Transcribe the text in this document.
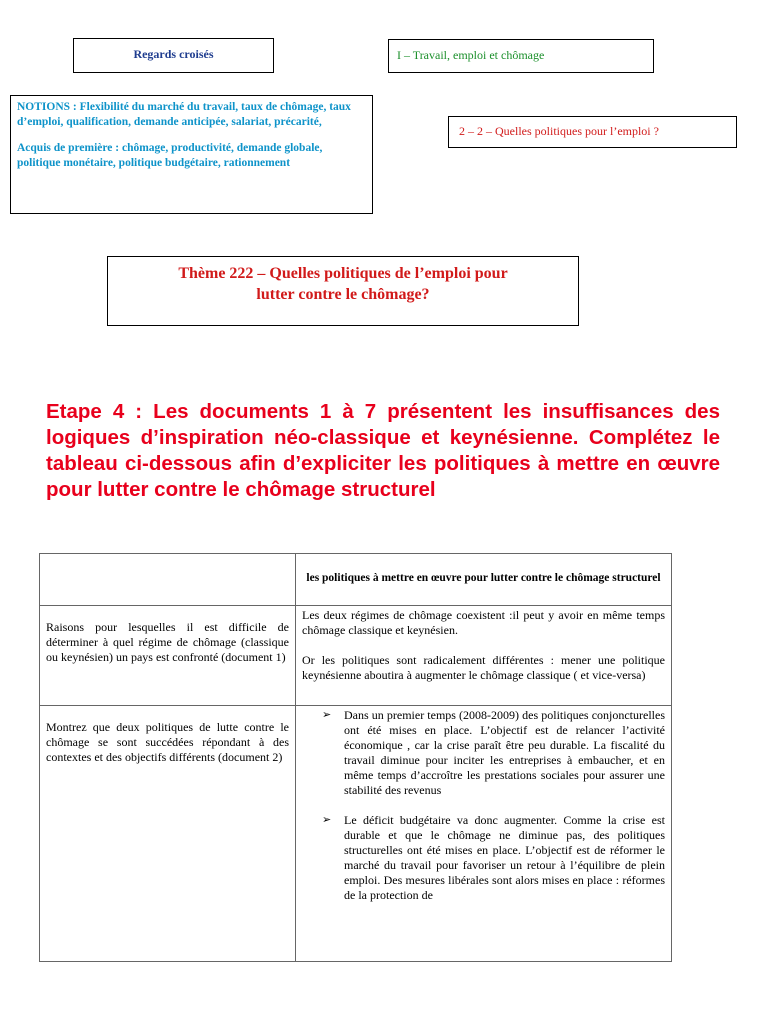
Regards croisés	I – Travail, emploi et chômage

NOTIONS : Flexibilité du marché du travail, taux de chômage, taux d’emploi, qualification, demande anticipée, salariat, précarité,

Acquis de première : chômage, productivité, demande globale, politique monétaire, politique budgétaire, rationnement

2 – 2 – Quelles politiques pour l’emploi ?

Thème 222 – Quelles politiques de l’emploi pour
lutter contre le chômage?

Etape 4 : Les documents 1 à 7 présentent les insuffisances des logiques d’inspiration néo-classique et keynésienne. Complétez le tableau ci-dessous afin d’expliciter les politiques à mettre en œuvre pour lutter contre le chômage structurel

	les politiques à mettre en œuvre pour lutter contre le chômage structurel
Raisons pour lesquelles il est difficile de déterminer à quel régime de chômage (classique ou keynésien) un pays est confronté (document 1)	Les deux régimes de chômage coexistent :il peut y avoir en même temps chômage classique et keynésien.

Or les politiques sont radicalement différentes : mener une politique keynésienne aboutira à augmenter le chômage classique ( et vice-versa)

Montrez que deux politiques de lutte contre le chômage se sont succédées répondant à des contextes et des objectifs différents (document 2)	➢ Dans un premier temps (2008-2009) des politiques conjoncturelles ont été mises en place. L’objectif est de relancer l’activité économique , car la crise paraît être peu durable. La fiscalité du travail diminue pour inciter les entreprises à embaucher, et en même temps d’accroître les prestations sociales pour assurer une stabilité des revenus
➢ Le déficit budgétaire va donc augmenter. Comme la crise est durable et que le chômage ne diminue pas, des politiques structurelles ont été mises en place. L’objectif est de réformer le marché du travail pour favoriser un retour à l’équilibre de plein emploi. Des mesures libérales sont alors mises en place : réformes de la protection de
